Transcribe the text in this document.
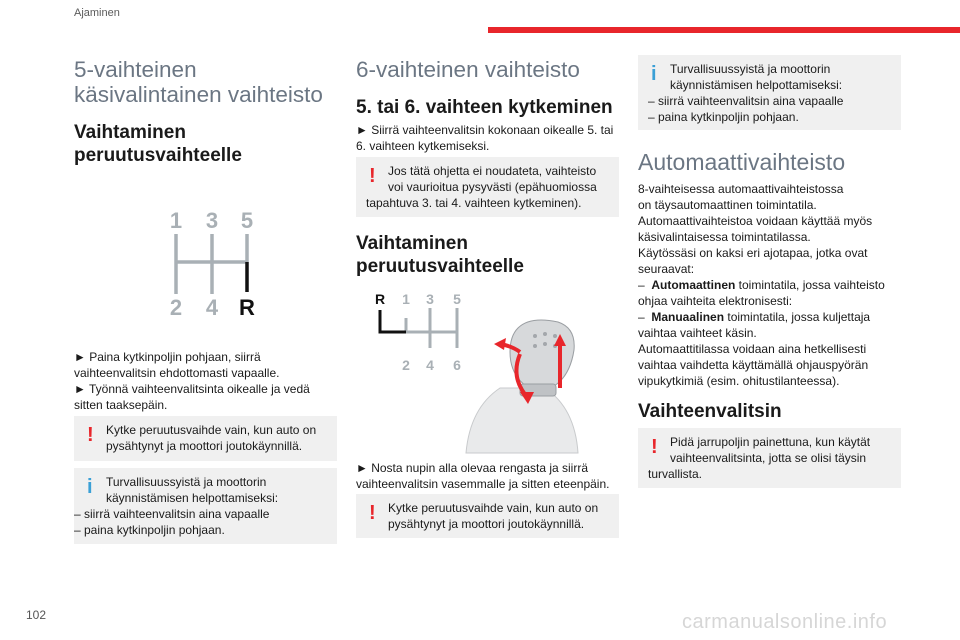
Ajaminen
5-vaihteinen
käsivalintainen vaihteisto
Vaihtaminen
peruutusvaihteelle
1 3 5
2 4 R

► Paina kytkinpoljin pohjaan, siirrä
vaihteenvalitsin ehdottomasti vapaalle.
► Työnnä vaihteenvalitsinta oikealle ja vedä
sitten taaksepäin.

!	Kytke peruutusvaihde vain, kun auto on
pysähtynyt ja moottori joutokäynnillä.

i	Turvallisuussyistä ja moottorin
käynnistämisen helpottamiseksi:
– siirrä vaihteenvalitsin aina vapaalle
– paina kytkinpoljin pohjaan.

6-vaihteinen vaihteisto
5. tai 6. vaihteen kytkeminen

► Siirrä vaihteenvalitsin kokonaan oikealle 5. tai
6. vaihteen kytkemiseksi.

!	Jos tätä ohjetta ei noudateta, vaihteisto
voi vaurioitua pysyvästi (epähuomiossa
tapahtuva 3. tai 4. vaihteen kytkeminen).

Vaihtaminen
peruutusvaihteelle
R 1 3 5
2 4 6

► Nosta nupin alla olevaa rengasta ja siirrä
vaihteenvalitsin vasemmalle ja sitten eteenpäin.

!	Kytke peruutusvaihde vain, kun auto on
pysähtynyt ja moottori joutokäynnillä.

i	Turvallisuussyistä ja moottorin
käynnistämisen helpottamiseksi:
– siirrä vaihteenvalitsin aina vapaalle
– paina kytkinpoljin pohjaan.

Automaattivaihteisto

8-vaihteisessa automaattivaihteistossa
on täysautomaattinen toimintatila.
Automaattivaihteistoa voidaan käyttää myös
käsivalintaisessa toimintatilassa.
Käytössäsi on kaksi eri ajotapaa, jotka ovat
seuraavat:
–  Automaattinen toimintatila, jossa vaihteisto
ohjaa vaihteita elektronisesti:
–  Manuaalinen toimintatila, jossa kuljettaja
vaihtaa vaihteet käsin.
Automaattitilassa voidaan aina hetkellisesti
vaihtaa vaihdetta käyttämällä ohjauspyörän
vipukytkimiä (esim. ohitustilanteessa).

Vaihteenvalitsin
!	Pidä jarrupoljin painettuna, kun käytät
vaihteenvalitsinta, jotta se olisi täysin
turvallista.

102	carmanualsonline.info
